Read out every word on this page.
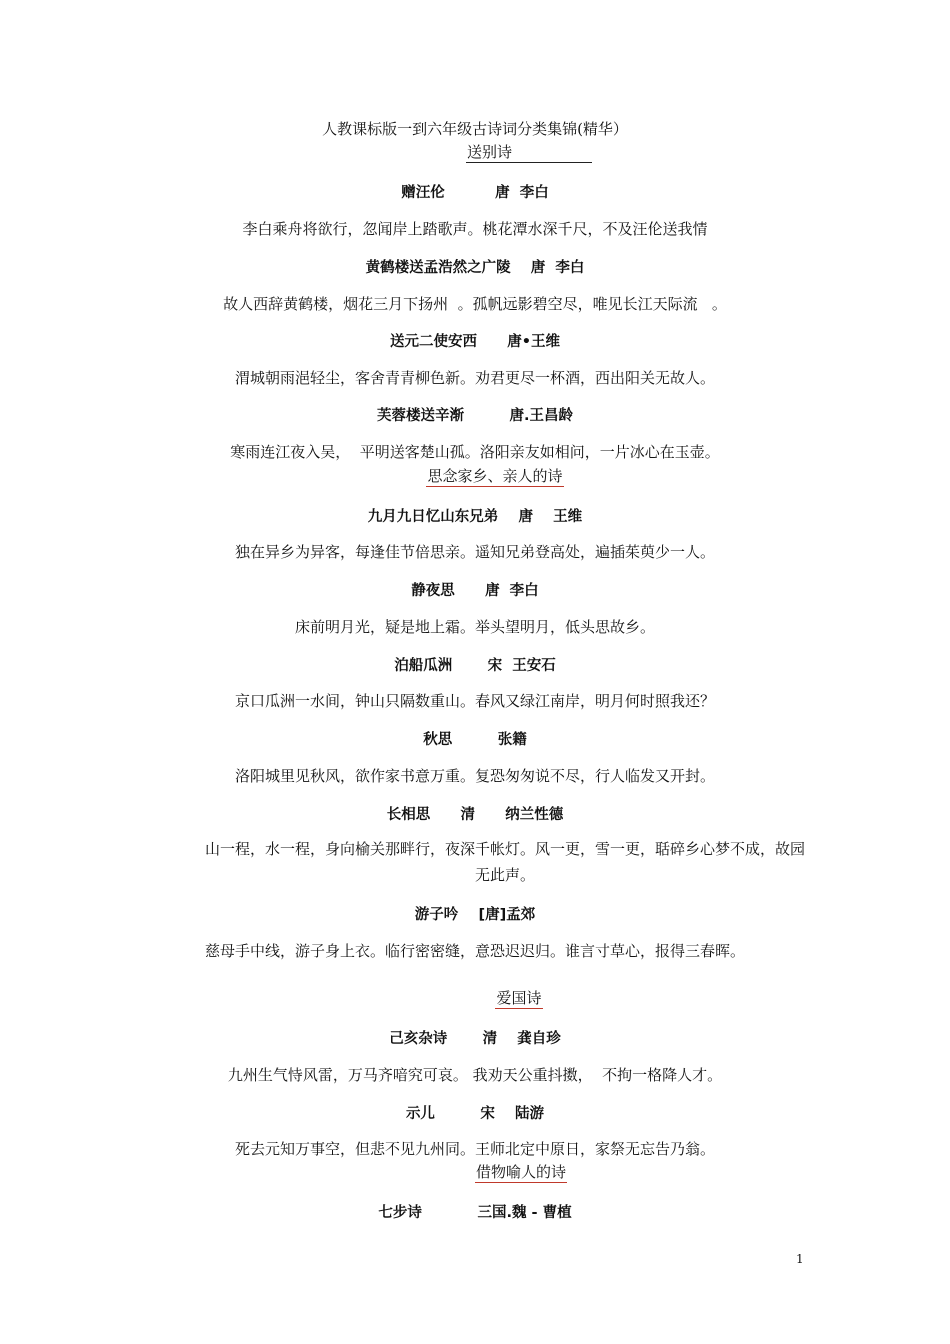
人教课标版一到六年级古诗词分类集锦(精华）
送别诗
赠汪伦          唐  李白
李白乘舟将欲行，忽闻岸上踏歌声。桃花潭水深千尺，不及汪伦送我情
黄鹤楼送孟浩然之广陵    唐  李白
故人西辞黄鹤楼，烟花三月下扬州  。孤帆远影碧空尽，唯见长江天际流   。
送元二使安西      唐•王维
渭城朝雨浥轻尘，客舍青青柳色新。劝君更尽一杯酒，西出阳关无故人。
芙蓉楼送辛渐         唐.王昌龄
寒雨连江夜入吴，  平明送客楚山孤。洛阳亲友如相问，一片冰心在玉壶。
思念家乡、亲人的诗
九月九日忆山东兄弟    唐    王维
独在异乡为异客，每逢佳节倍思亲。遥知兄弟登高处，遍插茱萸少一人。
静夜思      唐  李白
床前明月光，疑是地上霜。举头望明月，低头思故乡。
泊船瓜洲       宋  王安石
京口瓜洲一水间，钟山只隔数重山。春风又绿江南岸，明月何时照我还？
秋思         张籍
洛阳城里见秋风，欲作家书意万重。复恐匆匆说不尽，行人临发又开封。
长相思      清      纳兰性德
山一程，水一程，身向榆关那畔行，夜深千帐灯。风一更，雪一更，聒碎乡心梦不成，故园无此声。
游子吟    [唐]孟郊
慈母手中线，游子身上衣。临行密密缝，意恐迟迟归。谁言寸草心，报得三春晖。
爱国诗
己亥杂诗       清    龚自珍
九州生气恃风雷，万马齐喑究可哀。 我劝天公重抖擞，  不拘一格降人才。
示儿         宋    陆游
死去元知万事空，但悲不见九州同。王师北定中原日，家祭无忘告乃翁。
借物喻人的诗
七步诗           三国.魏 - 曹植
1
